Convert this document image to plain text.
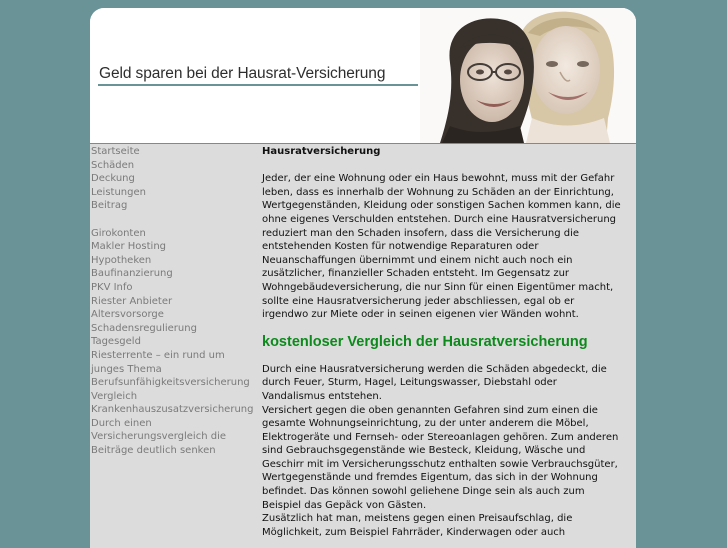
Geld sparen bei der Hausrat-Versicherung
Startseite
Schäden
Deckung
Leistungen
Beitrag
Girokonten
Makler Hosting
Hypotheken
Baufinanzierung
PKV Info
Riester Anbieter
Altersvorsorge
Schadensregulierung
Tagesgeld
Riesterrente – ein rund um
junges Thema
Berufsunfähigkeitsversicherung
Vergleich
Krankenhauszusatzversicherung
Durch einen
Versicherungsvergleich die
Beiträge deutlich senken
Hausratversicherung

Jeder, der eine Wohnung oder ein Haus bewohnt, muss mit der Gefahr

leben, dass es innerhalb der Wohnung zu Schäden an der Einrichtung,

Wertgegenständen, Kleidung oder sonstigen Sachen kommen kann, die

ohne eigenes Verschulden entstehen. Durch eine Hausratversicherung

reduziert man den Schaden insofern, dass die Versicherung die

entstehenden Kosten für notwendige Reparaturen oder

Neuanschaffungen übernimmt und einem nicht auch noch ein

zusätzlicher, finanzieller Schaden entsteht. Im Gegensatz zur

Wohngebäudeversicherung, die nur Sinn für einen Eigentümer macht,

sollte eine Hausratversicherung jeder abschliessen, egal ob er

irgendwo zur Miete oder in seinen eigenen vier Wänden wohnt.

kostenloser Vergleich der Hausratversicherung

Durch eine Hausratversicherung werden die Schäden abgedeckt, die

durch Feuer, Sturm, Hagel, Leitungswasser, Diebstahl oder

Vandalismus entstehen.

Versichert gegen die oben genannten Gefahren sind zum einen die

gesamte Wohnungseinrichtung, zu der unter anderem die Möbel,

Elektrogeräte und Fernseh- oder Stereoanlagen gehören. Zum anderen

sind Gebrauchsgegenstände wie Besteck, Kleidung, Wäsche und

Geschirr mit im Versicherungsschutz enthalten sowie Verbrauchsgüter,

Wertgegenstände und fremdes Eigentum, das sich in der Wohnung

befindet. Das können sowohl geliehene Dinge sein als auch zum

Beispiel das Gepäck von Gästen.

Zusätzlich hat man, meistens gegen einen Preisaufschlag, die

Möglichkeit, zum Beispiel Fahrräder, Kinderwagen oder auch
